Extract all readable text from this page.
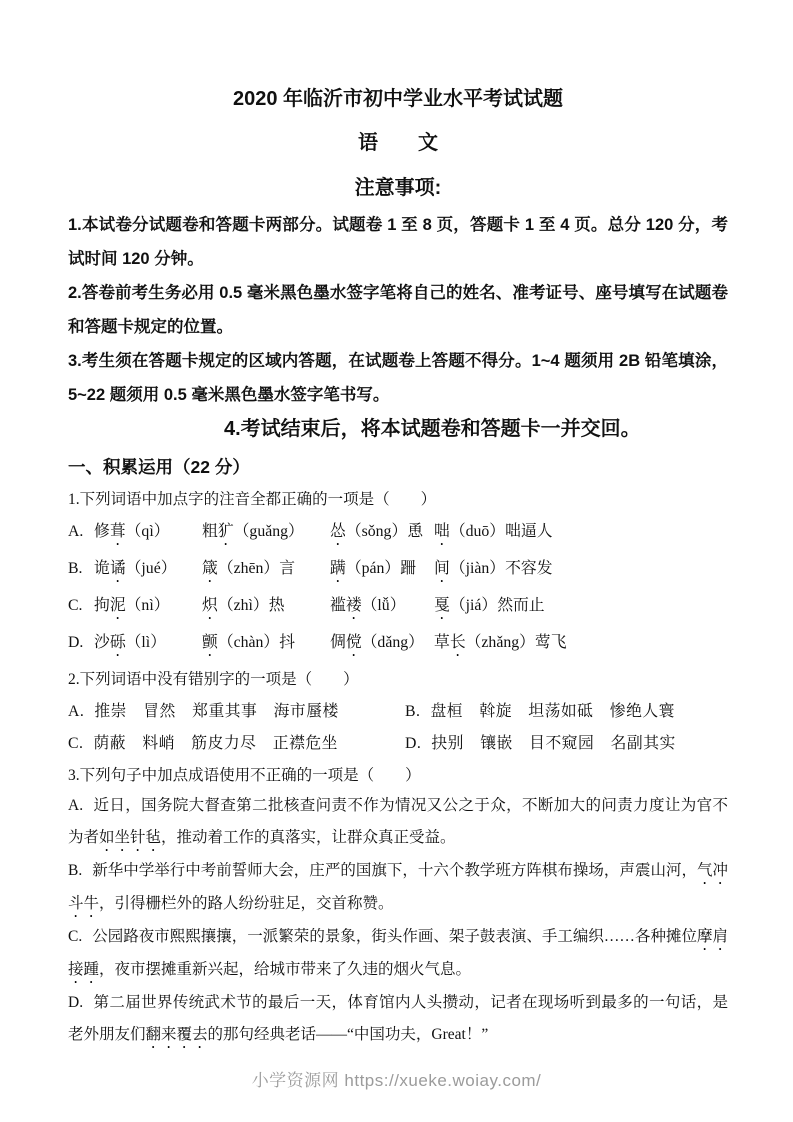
2020 年临沂市初中学业水平考试试题
语　　文
注意事项:

1.本试卷分试题卷和答题卡两部分。试题卷 1 至 8 页，答题卡 1 至 4 页。总分 120 分，考试时间 120 分钟。

2.答卷前考生务必用 0.5 毫米黑色墨水签字笔将自己的姓名、准考证号、座号填写在试题卷和答题卡规定的位置。

3.考生须在答题卡规定的区域内答题，在试题卷上答题不得分。1~4 题须用 2B 铅笔填涂，5~22 题须用 0.5 毫米黑色墨水签字笔书写。

4.考试结束后，将本试题卷和答题卡一并交回。

一、积累运用（22 分）

1.下列词语中加点字的注音全都正确的一项是（　　）

A. 修葺（qì）	粗犷（guǎng）	怂（sǒng）恿 咄（duō）咄逼人
B. 诡谲（jué）	箴（zhēn）言	蹒（pán）跚	间（jiàn）不容发
C. 拘泥（nì）	炽（zhì）热	褴褛（lǚ）	戛（jiá）然而止
D. 沙砾（lì）	颤（chàn）抖	倜傥（dǎng） 草长（zhǎng）莺飞

2.下列词语中没有错别字的一项是（　　）

A. 推崇　冒然　郑重其事　海市蜃楼	B. 盘桓　斡旋　坦荡如砥　惨绝人寰
C. 荫蔽　料峭　筋皮力尽　正襟危坐	D. 抉别　镶嵌　目不窥园　名副其实

3.下列句子中加点成语使用不正确的一项是（　　）

A. 近日，国务院大督查第二批核查问责不作为情况又公之于众，不断加大的问责力度让为官不为者如坐针毡，推动着工作的真落实，让群众真正受益。

B. 新华中学举行中考前誓师大会，庄严的国旗下，十六个教学班方阵棋布操场，声震山河，气冲斗牛，引得栅栏外的路人纷纷驻足，交首称赞。

C. 公园路夜市熙熙攘攘，一派繁荣的景象，街头作画、架子鼓表演、手工编织……各种摊位摩肩接踵，夜市摆摊重新兴起，给城市带来了久违的烟火气息。

D. 第二届世界传统武术节的最后一天，体育馆内人头攒动，记者在现场听到最多的一句话，是老外朋友们翻来覆去的那句经典老话——“中国功夫，Great！”

小学资源网 https://xueke.woiay.com/
